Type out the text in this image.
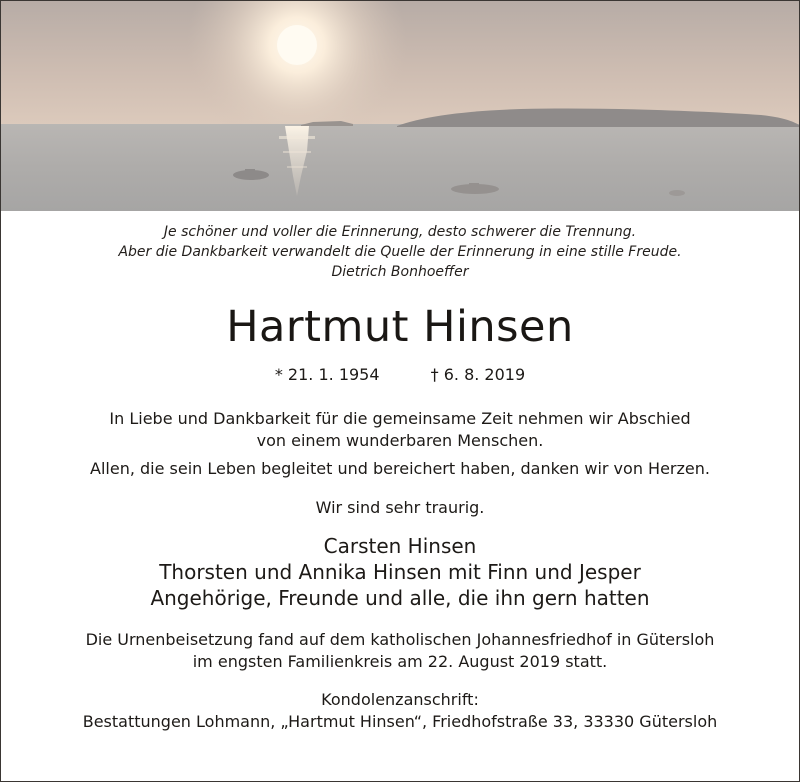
Je schöner und voller die Erinnerung, desto schwerer die Trennung.
Aber die Dankbarkeit verwandelt die Quelle der Erinnerung in eine stille Freude.
Dietrich Bonhoeffer
Hartmut Hinsen
* 21. 1. 1954	† 6. 8. 2019
In Liebe und Dankbarkeit für die gemeinsame Zeit nehmen wir Abschied
von einem wunderbaren Menschen.
Allen, die sein Leben begleitet und bereichert haben, danken wir von Herzen.
Wir sind sehr traurig.
Carsten Hinsen
Thorsten und Annika Hinsen mit Finn und Jesper
Angehörige, Freunde und alle, die ihn gern hatten
Die Urnenbeisetzung fand auf dem katholischen Johannesfriedhof in Gütersloh
im engsten Familienkreis am 22. August 2019 statt.
Kondolenzanschrift:
Bestattungen Lohmann, „Hartmut Hinsen“, Friedhofstraße 33, 33330 Gütersloh
